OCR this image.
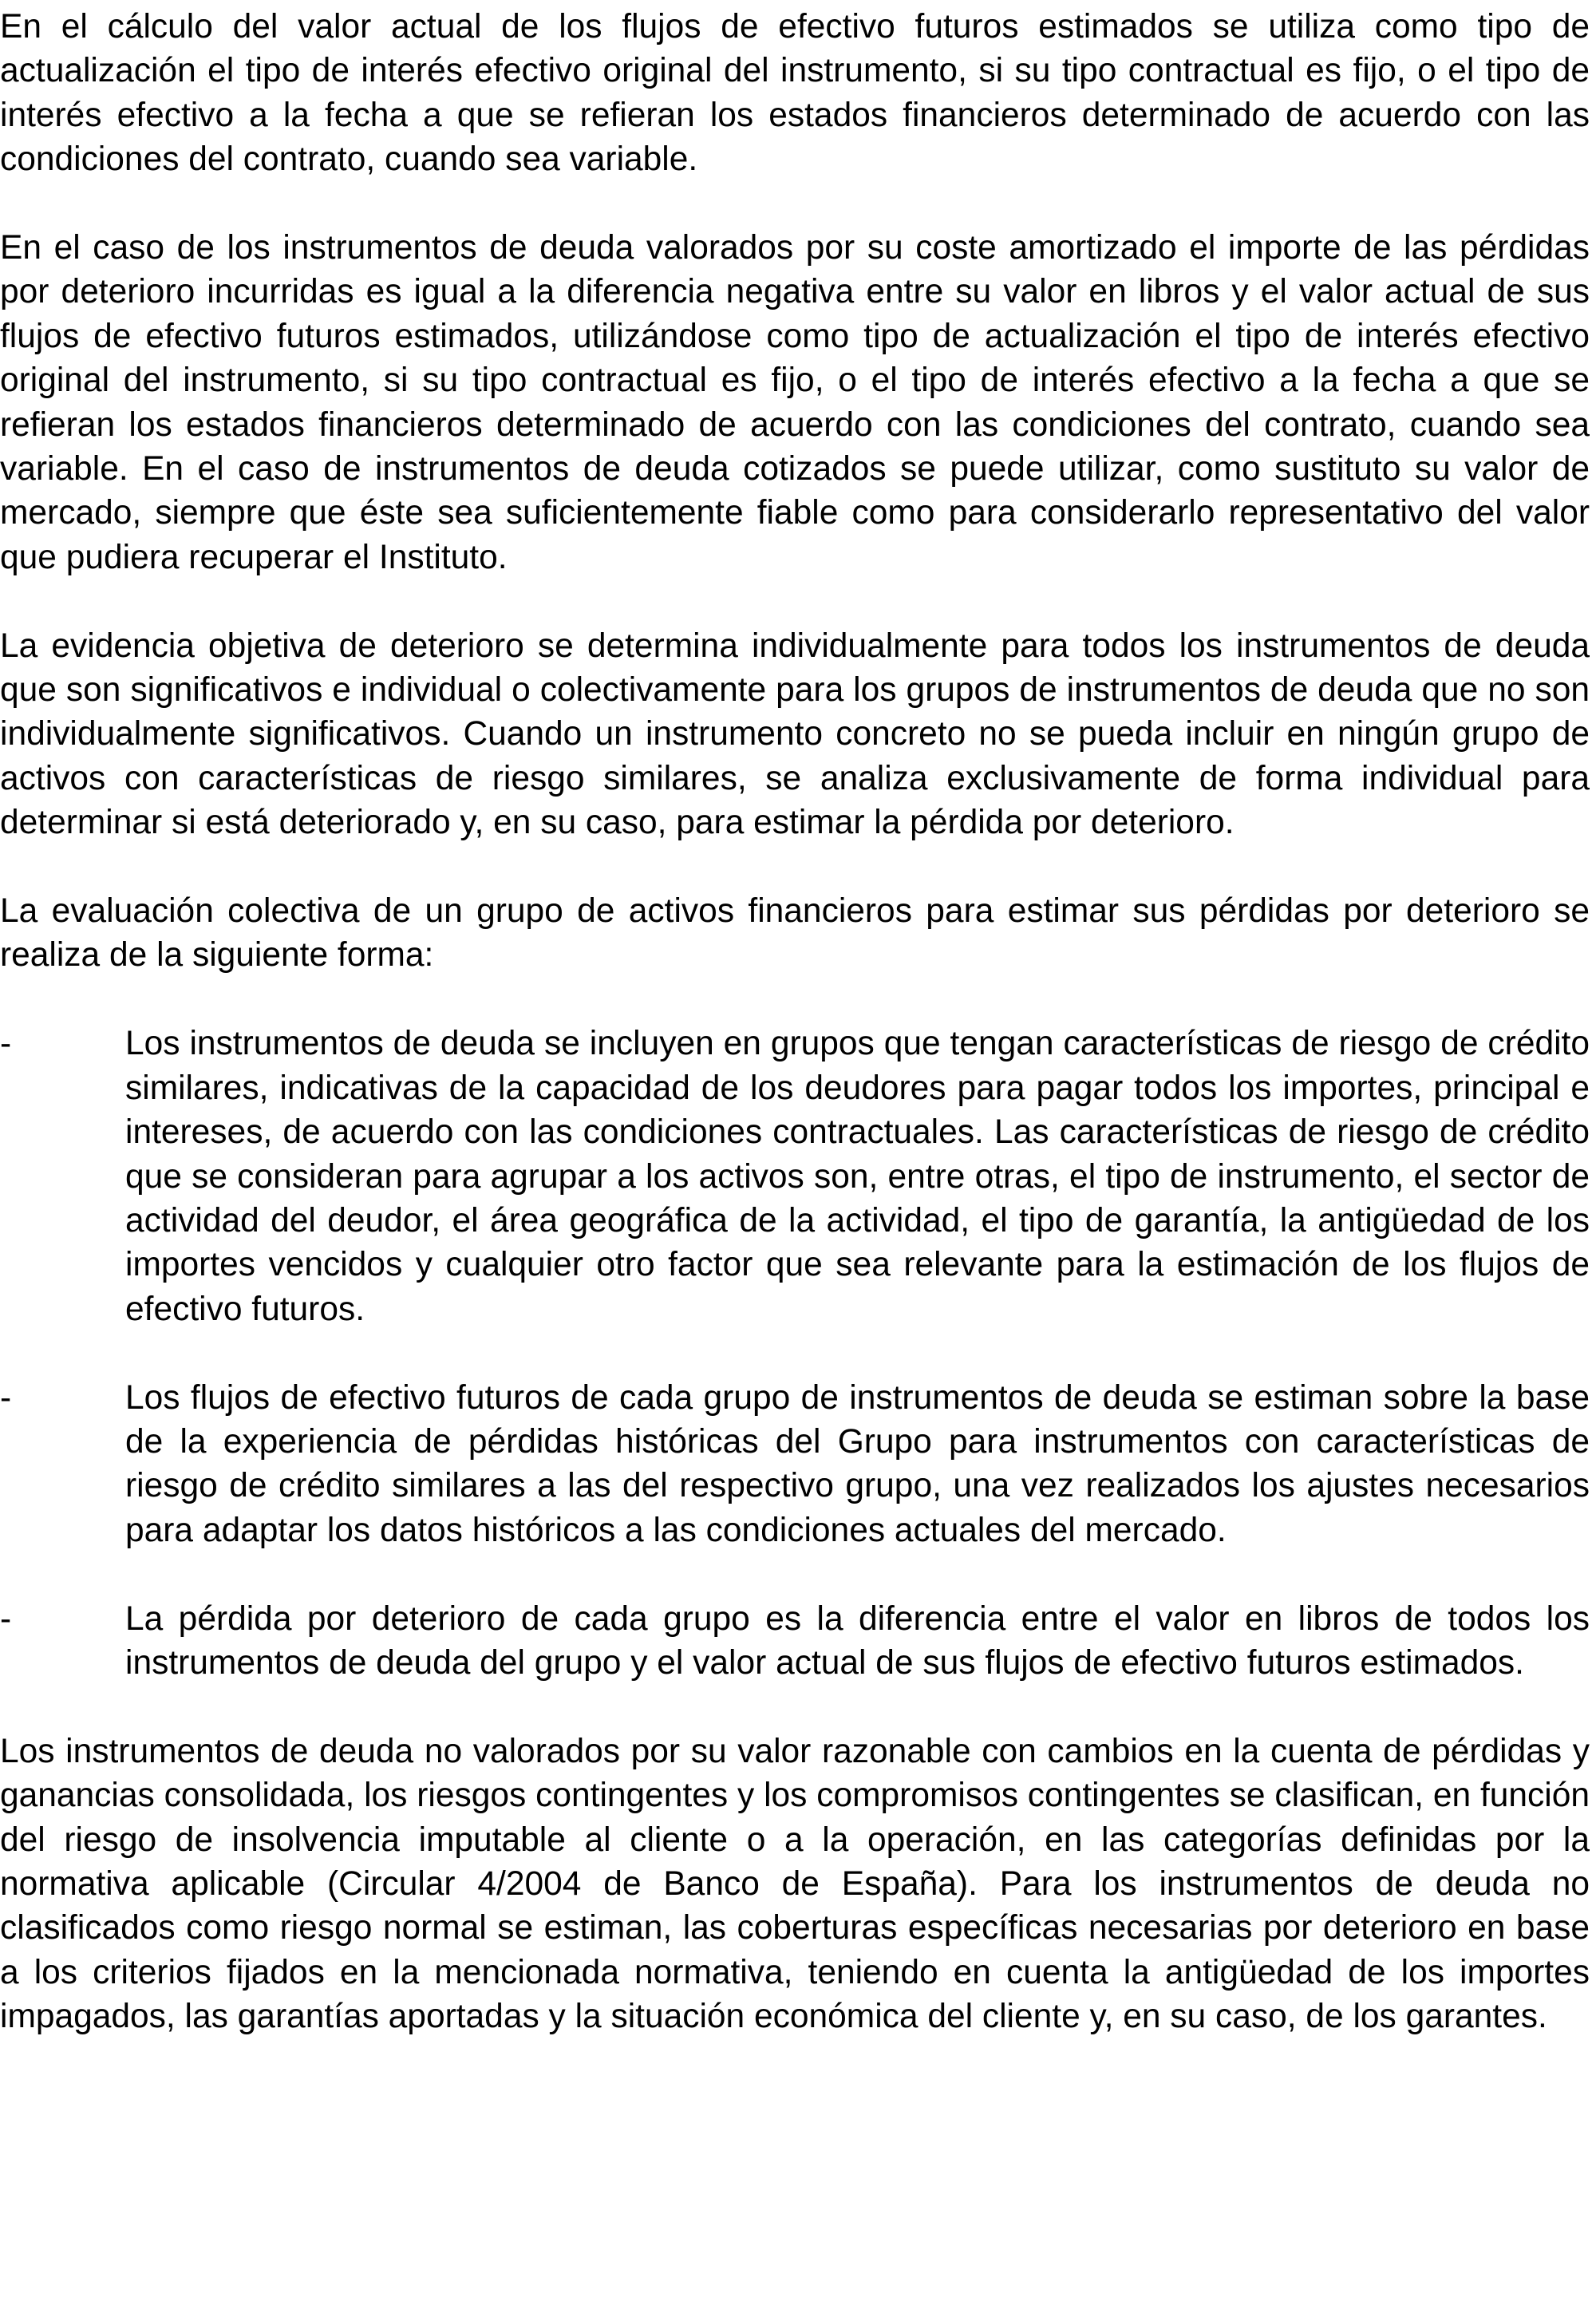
En el cálculo del valor actual de los flujos de efectivo futuros estimados se utiliza como tipo de actualización el tipo de interés efectivo original del instrumento, si su tipo contractual es fijo, o el tipo de interés efectivo a la fecha a que se refieran los estados financieros determinado de acuerdo con las condiciones del contrato, cuando sea variable.

En el caso de los instrumentos de deuda valorados por su coste amortizado el importe de las pérdidas por deterioro incurridas es igual a la diferencia negativa entre su valor en libros y el valor actual de sus flujos de efectivo futuros estimados, utilizándose como tipo de actualización el tipo de interés efectivo original del instrumento, si su tipo contractual es fijo, o el tipo de interés efectivo a la fecha a que se refieran los estados financieros determinado de acuerdo con las condiciones del contrato, cuando sea variable. En el caso de instrumentos de deuda cotizados se puede utilizar, como sustituto su valor de mercado, siempre que éste sea suficientemente fiable como para considerarlo representativo del valor que pudiera recuperar el Instituto.

La evidencia objetiva de deterioro se determina individualmente para todos los instrumentos de deuda que son significativos e individual o colectivamente para los grupos de instrumentos de deuda que no son individualmente significativos. Cuando un instrumento concreto no se pueda incluir en ningún grupo de activos con características de riesgo similares, se analiza exclusivamente de forma individual para determinar si está deteriorado y, en su caso, para estimar la pérdida por deterioro.

La evaluación colectiva de un grupo de activos financieros para estimar sus pérdidas por deterioro se realiza de la siguiente forma:

-	Los instrumentos de deuda se incluyen en grupos que tengan características de riesgo de crédito similares, indicativas de la capacidad de los deudores para pagar todos los importes, principal e intereses, de acuerdo con las condiciones contractuales. Las características de riesgo de crédito que se consideran para agrupar a los activos son, entre otras, el tipo de instrumento, el sector de actividad del deudor, el área geográfica de la actividad, el tipo de garantía, la antigüedad de los importes vencidos y cualquier otro factor que sea relevante para la estimación de los flujos de efectivo futuros.
-	Los flujos de efectivo futuros de cada grupo de instrumentos de deuda se estiman sobre la base de la experiencia de pérdidas históricas del Grupo para instrumentos con características de riesgo de crédito similares a las del respectivo grupo, una vez realizados los ajustes necesarios para adaptar los datos históricos a las condiciones actuales del mercado.
-	La pérdida por deterioro de cada grupo es la diferencia entre el valor en libros de todos los instrumentos de deuda del grupo y el valor actual de sus flujos de efectivo futuros estimados.

Los instrumentos de deuda no valorados por su valor razonable con cambios en la cuenta de pérdidas y ganancias consolidada, los riesgos contingentes y los compromisos contingentes se clasifican, en función del riesgo de insolvencia imputable al cliente o a la operación, en las categorías definidas por la normativa aplicable (Circular 4/2004 de Banco de España). Para los instrumentos de deuda no clasificados como riesgo normal se estiman, las coberturas específicas necesarias por deterioro en base a los criterios fijados en la mencionada normativa, teniendo en cuenta la antigüedad de los importes impagados, las garantías aportadas y la situación económica del cliente y, en su caso, de los garantes.
